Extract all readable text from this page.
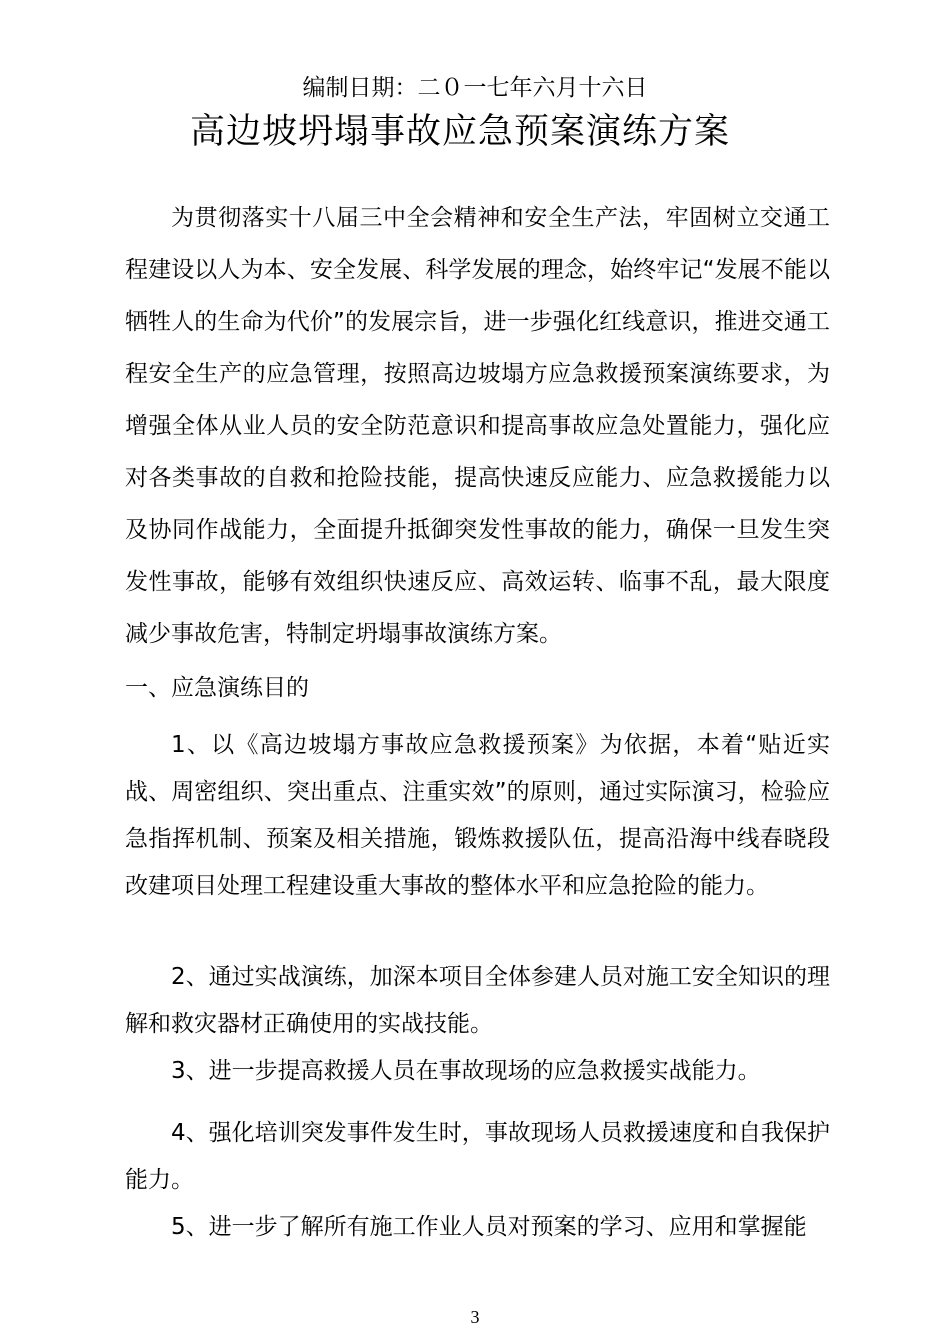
编制日期：二０一七年六月十六日
高边坡坍塌事故应急预案演练方案

为贯彻落实十八届三中全会精神和安全生产法，牢固树立交通工程建设以人为本、安全发展、科学发展的理念，始终牢记“发展不能以牺牲人的生命为代价”的发展宗旨，进一步强化红线意识，推进交通工程安全生产的应急管理，按照高边坡塌方应急救援预案演练要求，为增强全体从业人员的安全防范意识和提高事故应急处置能力，强化应对各类事故的自救和抢险技能，提高快速反应能力、应急救援能力以及协同作战能力，全面提升抵御突发性事故的能力，确保一旦发生突发性事故，能够有效组织快速反应、高效运转、临事不乱，最大限度减少事故危害，特制定坍塌事故演练方案。

一、应急演练目的

1、以《高边坡塌方事故应急救援预案》为依据，本着“贴近实战、周密组织、突出重点、注重实效”的原则，通过实际演习，检验应急指挥机制、预案及相关措施，锻炼救援队伍，提高沿海中线春晓段改建项目处理工程建设重大事故的整体水平和应急抢险的能力。

2、通过实战演练，加深本项目全体参建人员对施工安全知识的理解和救灾器材正确使用的实战技能。

3、进一步提高救援人员在事故现场的应急救援实战能力。

4、强化培训突发事件发生时，事故现场人员救援速度和自我保护能力。

5、进一步了解所有施工作业人员对预案的学习、应用和掌握能

3
